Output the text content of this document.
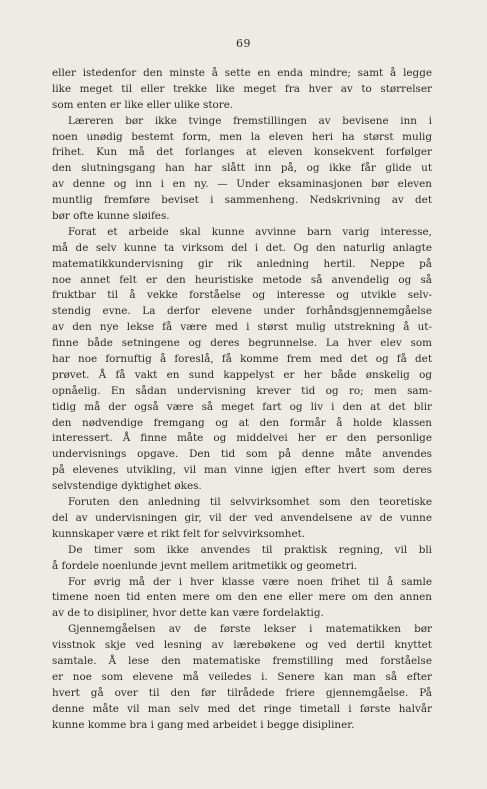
69
eller istedenfor den minste å sette en enda mindre; samt å legge
like meget til eller trekke like meget fra hver av to størrelser
som enten er like eller ulike store.
Læreren bør ikke tvinge fremstillingen av bevisene inn i
noen unødig bestemt form, men la eleven heri ha størst mulig
frihet. Kun må det forlanges at eleven konsekvent forfølger
den slutningsgang han har slått inn på, og ikke får glide ut
av denne og inn i en ny. — Under eksaminasjonen bør eleven
muntlig fremføre beviset i sammenheng. Nedskrivning av det
bør ofte kunne sløifes.
Forat et arbeide skal kunne avvinne barn varig interesse,
må de selv kunne ta virksom del i det. Og den naturlig anlagte
matematikkundervisning gir rik anledning hertil. Neppe på
noe annet felt er den heuristiske metode så anvendelig og så
fruktbar til å vekke forståelse og interesse og utvikle selv-
stendig evne. La derfor elevene under forhåndsgjennemgåelse
av den nye lekse få være med i størst mulig utstrekning å ut-
finne både setningene og deres begrunnelse. La hver elev som
har noe fornuftig å foreslå, få komme frem med det og få det
prøvet. Å få vakt en sund kappelyst er her både ønskelig og
opnåelig. En sådan undervisning krever tid og ro; men sam-
tidig må der også være så meget fart og liv i den at det blir
den nødvendige fremgang og at den formår å holde klassen
interessert. Å finne måte og middelvei her er den personlige
undervisnings opgave. Den tid som på denne måte anvendes
på elevenes utvikling, vil man vinne igjen efter hvert som deres
selvstendige dyktighet økes.
Foruten den anledning til selvvirksomhet som den teoretiske
del av undervisningen gir, vil der ved anvendelsene av de vunne
kunnskaper være et rikt felt for selvvirksomhet.
De timer som ikke anvendes til praktisk regning, vil bli
å fordele noenlunde jevnt mellem aritmetikk og geometri.
For øvrig må der i hver klasse være noen frihet til å samle
timene noen tid enten mere om den ene eller mere om den annen
av de to disipliner, hvor dette kan være fordelaktig.
Gjennemgåelsen av de første lekser i matematikken bør
visstnok skje ved lesning av lærebøkene og ved dertil knyttet
samtale. Å lese den matematiske fremstilling med forståelse
er noe som elevene må veiledes i. Senere kan man så efter
hvert gå over til den før tilrådede friere gjennemgåelse. På
denne måte vil man selv med det ringe timetall i første halvår
kunne komme bra i gang med arbeidet i begge disipliner.
